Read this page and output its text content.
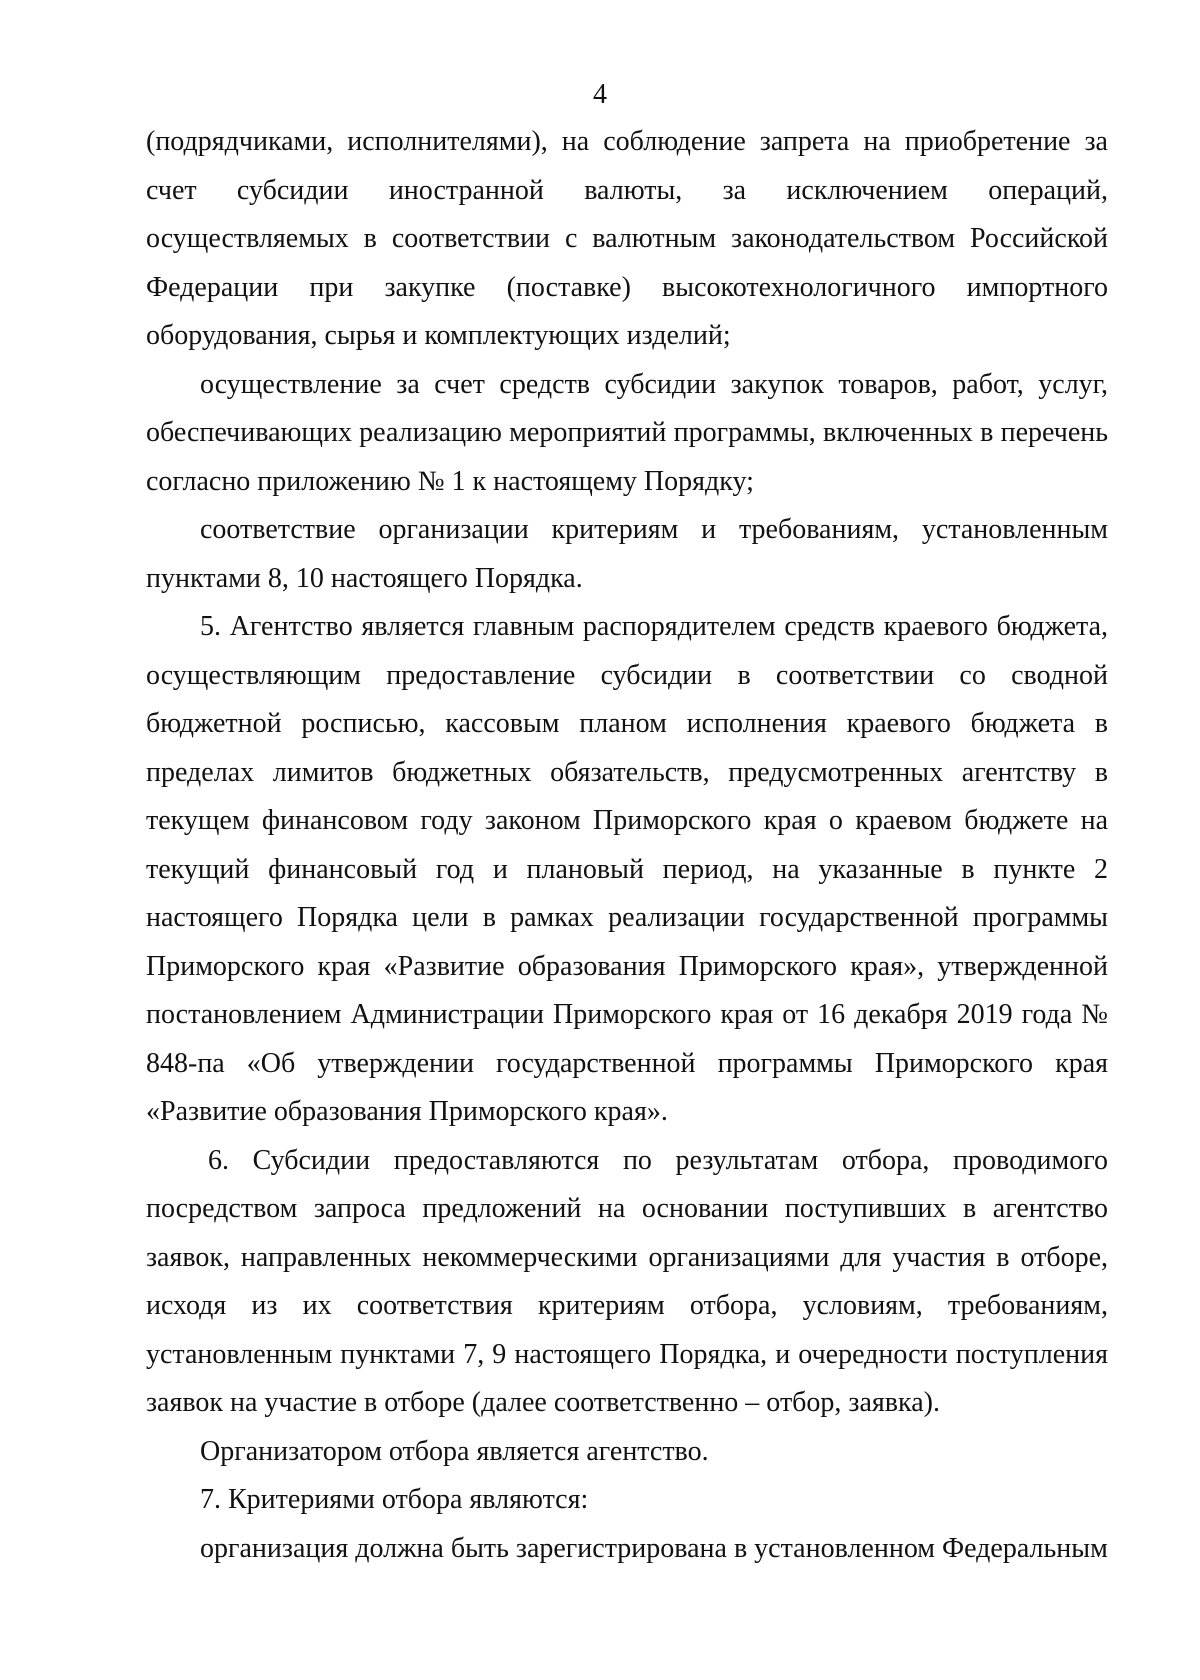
4

(подрядчиками, исполнителями), на соблюдение запрета на приобретение за счет субсидии иностранной валюты, за исключением операций, осуществляемых в соответствии с валютным законодательством Российской Федерации при закупке (поставке) высокотехнологичного импортного оборудования, сырья и комплектующих изделий;

осуществление за счет средств субсидии закупок товаров, работ, услуг, обеспечивающих реализацию мероприятий программы, включенных в перечень согласно приложению № 1 к настоящему Порядку;

соответствие организации критериям и требованиям, установленным пунктами 8, 10 настоящего Порядка.

5. Агентство является главным распорядителем средств краевого бюджета, осуществляющим предоставление субсидии в соответствии со сводной бюджетной росписью, кассовым планом исполнения краевого бюджета в пределах лимитов бюджетных обязательств, предусмотренных агентству в текущем финансовом году законом Приморского края о краевом бюджете на текущий финансовый год и плановый период, на указанные в пункте 2 настоящего Порядка цели в рамках реализации государственной программы Приморского края «Развитие образования Приморского края», утвержденной постановлением Администрации Приморского края от 16 декабря 2019 года № 848-па «Об утверждении государственной программы Приморского края «Развитие образования Приморского края».

6. Субсидии предоставляются по результатам отбора, проводимого посредством запроса предложений на основании поступивших в агентство заявок, направленных некоммерческими организациями для участия в отборе, исходя из их соответствия критериям отбора, условиям, требованиям, установленным пунктами 7, 9 настоящего Порядка, и очередности поступления заявок на участие в отборе (далее соответственно – отбор, заявка).

Организатором отбора является агентство.

7. Критериями отбора являются:

организация должна быть зарегистрирована в установленном Федеральным
